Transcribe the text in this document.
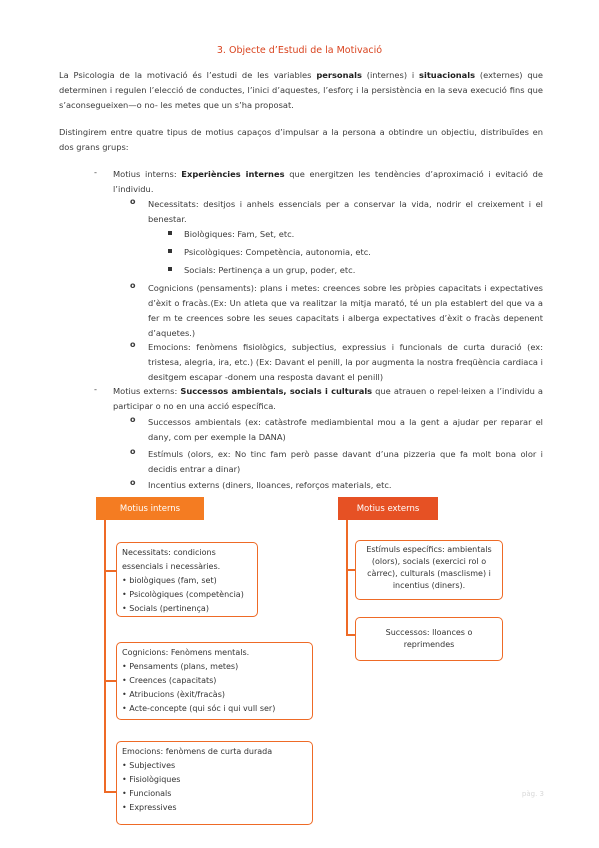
3. Objecte d’Estudi de la Motivació
La Psicologia de la motivació és l’estudi de les variables personals (internes) i situacionals (externes) que determinen i regulen l’elecció de conductes, l’inici d’aquestes, l’esforç i la persistència en la seva execució fins que s’aconsegueixen—o no- les metes que un s’ha proposat.
Distingirem entre quatre tipus de motius capaços d’impulsar a la persona a obtindre un objectiu, distribuïdes en dos grans grups:
- Motius interns: Experiències internes que energitzen les tendències d’aproximació i evitació de l’individu.
o Necessitats: desitjos i anhels essencials per a conservar la vida, nodrir el creixement i el benestar.
Biològiques: Fam, Set, etc.
Psicològiques: Competència, autonomia, etc.
Socials: Pertinença a un grup, poder, etc.
o Cognicions (pensaments): plans i metes: creences sobre les pròpies capacitats i expectatives d’èxit o fracàs.(Ex: Un atleta que va realitzar la mitja marató, té un pla establert del que va a fer m te creences sobre les seues capacitats i alberga expectatives d’èxit o fracàs depenent d’aquetes.)
o Emocions: fenòmens fisiològics, subjectius, expressius i funcionals de curta duració (ex: tristesa, alegria, ira, etc.) (Ex: Davant el penill, la por augmenta la nostra freqüència cardiaca i desitgem escapar -donem una resposta davant el penill)
- Motius externs: Successos ambientals, socials i culturals que atrauen o repel·leixen a l’individu a participar o no en una acció específica.
o Successos ambientals (ex: catàstrofe mediambiental mou a la gent a ajudar per reparar el dany, com per exemple la DANA)
o Estímuls (olors, ex: No tinc fam però passe davant d’una pizzeria que fa molt bona olor i decidis entrar a dinar)
o Incentius externs (diners, lloances, reforços materials, etc.
Motius interns	Motius externs
Necessitats: condicions essencials i necessàries.
• biològiques (fam, set)
• Psicològiques (competència)
• Socials (pertinença)
Cognicions: Fenòmens mentals.
• Pensaments (plans, metes)
• Creences (capacitats)
• Atribucions (èxit/fracàs)
• Acte-concepte (qui sóc i qui vull ser)
Emocions: fenòmens de curta durada
• Subjectives
• Fisiològiques
• Funcionals
• Expressives
Estímuls específics: ambientals (olors), socials (exercici rol o càrrec), culturals (masclisme) i incentius (diners).
Successos: lloances o reprimendes
pàg. 3
